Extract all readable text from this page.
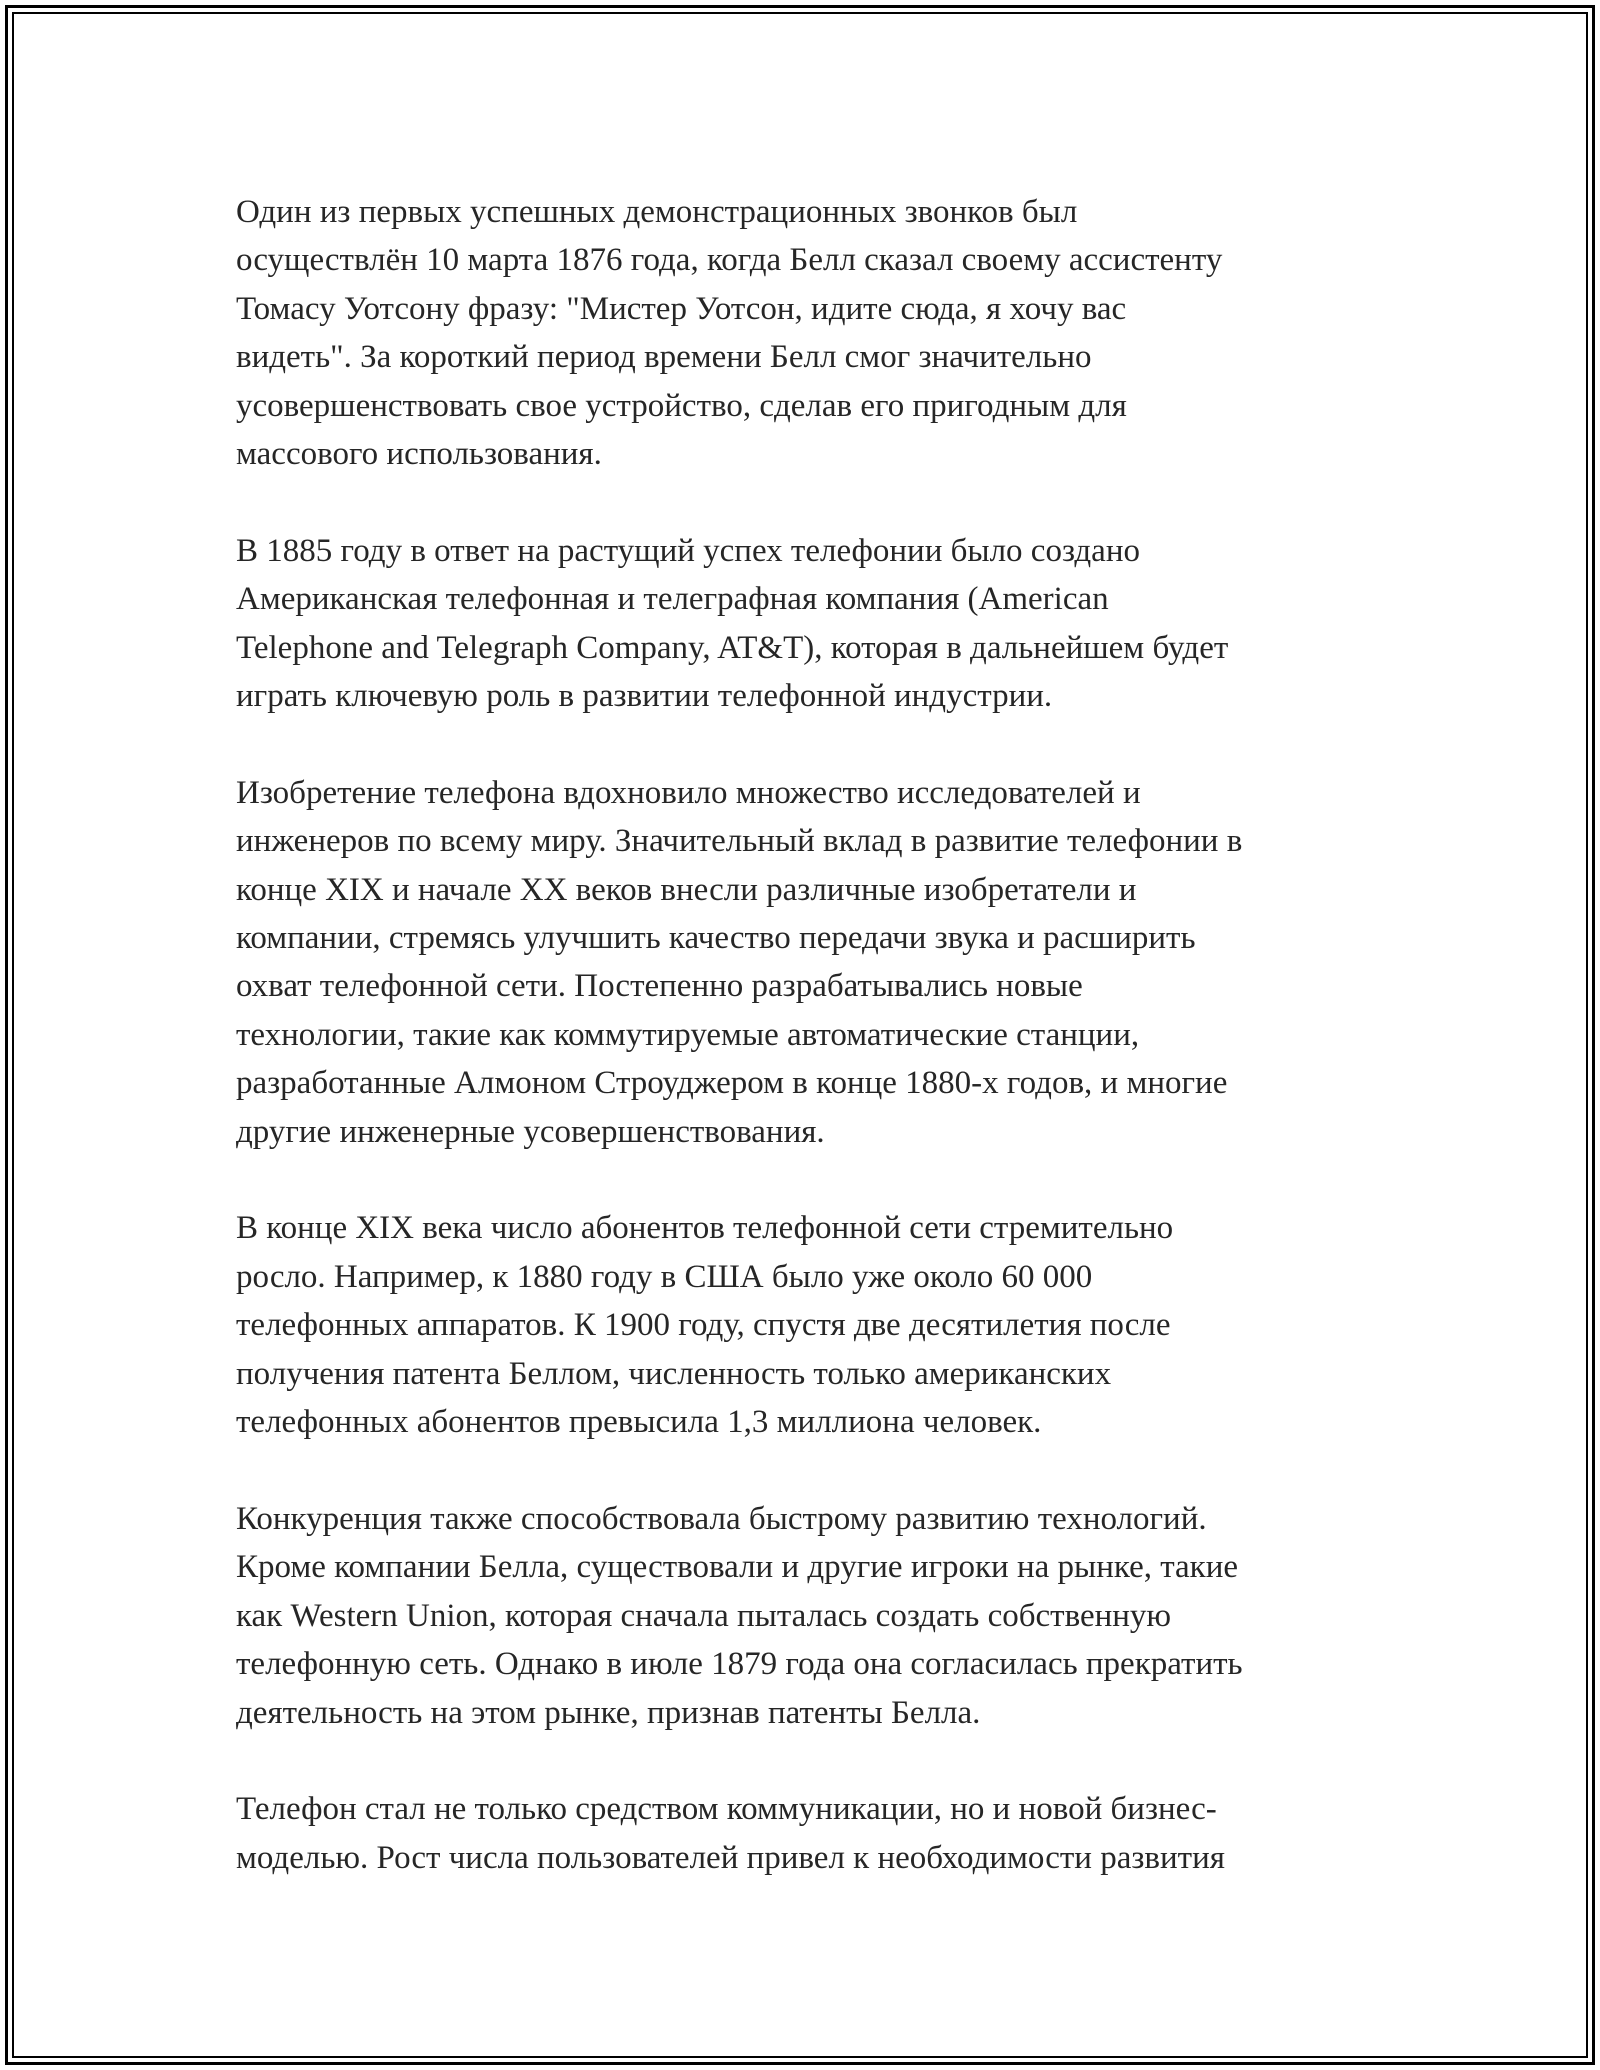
Один из первых успешных демонстрационных звонков был
осуществлён 10 марта 1876 года, когда Белл сказал своему ассистенту
Томасу Уотсону фразу: "Мистер Уотсон, идите сюда, я хочу вас
видеть". За короткий период времени Белл смог значительно
усовершенствовать свое устройство, сделав его пригодным для
массового использования.
В 1885 году в ответ на растущий успех телефонии было создано
Американская телефонная и телеграфная компания (American
Telephone and Telegraph Company, AT&T), которая в дальнейшем будет
играть ключевую роль в развитии телефонной индустрии.
Изобретение телефона вдохновило множество исследователей и
инженеров по всему миру. Значительный вклад в развитие телефонии в
конце XIX и начале XX веков внесли различные изобретатели и
компании, стремясь улучшить качество передачи звука и расширить
охват телефонной сети. Постепенно разрабатывались новые
технологии, такие как коммутируемые автоматические станции,
разработанные Алмоном Строуджером в конце 1880-х годов, и многие
другие инженерные усовершенствования.
В конце XIX века число абонентов телефонной сети стремительно
росло. Например, к 1880 году в США было уже около 60 000
телефонных аппаратов. К 1900 году, спустя две десятилетия после
получения патента Беллом, численность только американских
телефонных абонентов превысила 1,3 миллиона человек.
Конкуренция также способствовала быстрому развитию технологий.
Кроме компании Белла, существовали и другие игроки на рынке, такие
как Western Union, которая сначала пыталась создать собственную
телефонную сеть. Однако в июле 1879 года она согласилась прекратить
деятельность на этом рынке, признав патенты Белла.
Телефон стал не только средством коммуникации, но и новой бизнес-
моделью. Рост числа пользователей привел к необходимости развития
